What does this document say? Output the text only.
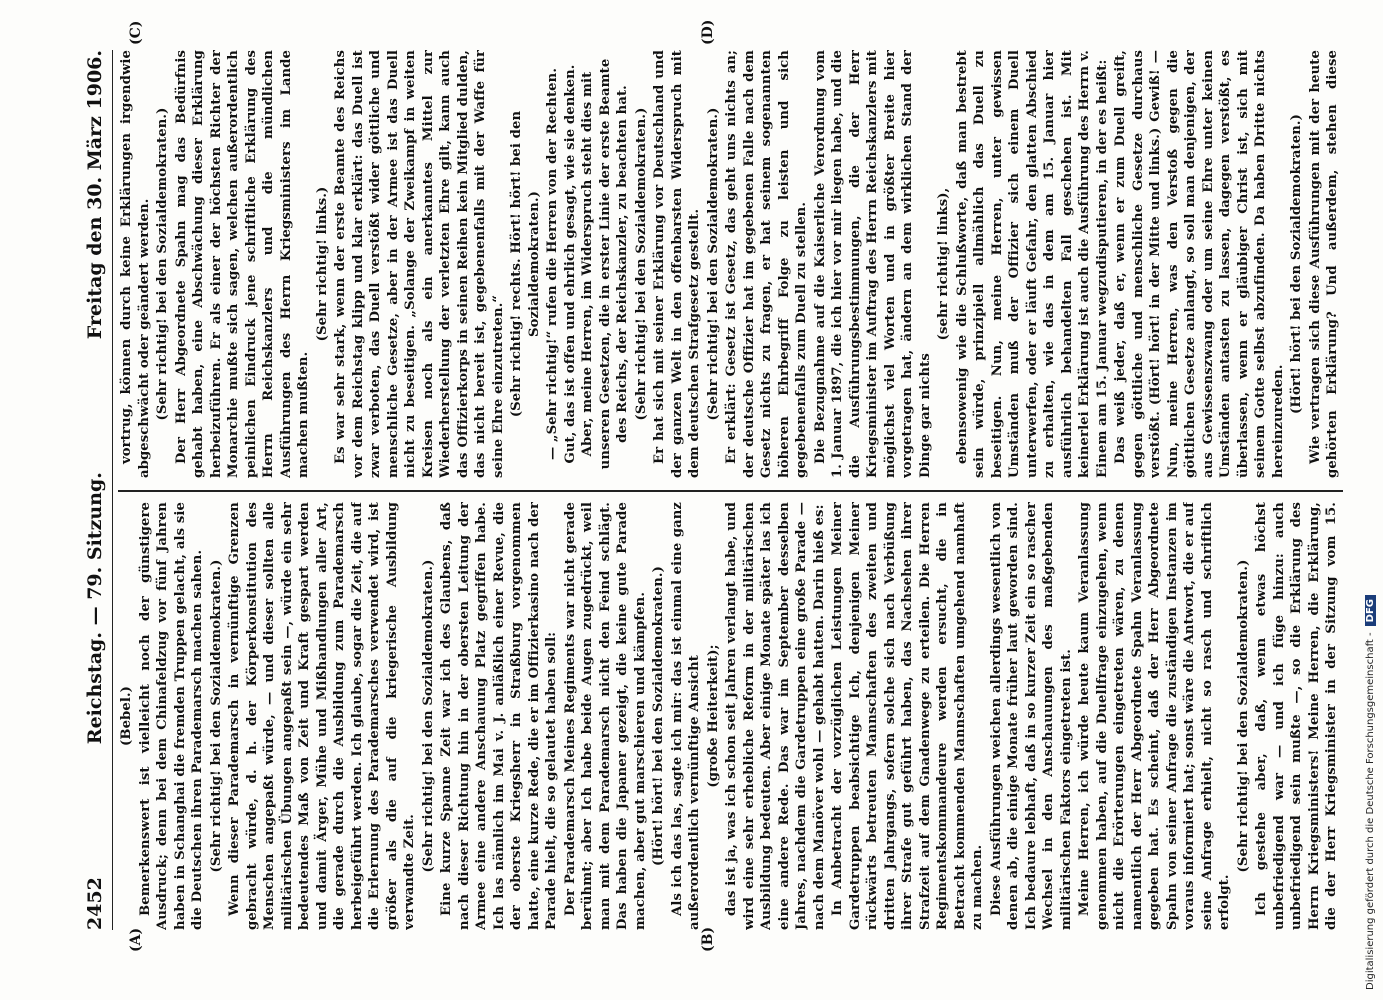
2452
Reichstag. — 79. Sitzung.
Freitag den 30. März 1906.
(A)	(B)
(C)	(D)

(Bebel.) Bemerkenswert ist vielleicht noch der günstigere Ausdruck; denn bei dem Chinafeldzug vor fünf Jahren haben in Schanghai die fremden Truppen gelacht, als sie die Deutschen ihren Parademarsch machen sahen. (Sehr richtig! bei den Sozialdemokraten.) Wenn dieser Parademarsch in vernünftige Grenzen gebracht würde, d. h. der Körperkonstitution des Menschen angepaßt würde, — und dieser sollten alle militärischen Übungen angepaßt sein —, würde ein sehr bedeutendes Maß von Zeit und Kraft gespart werden und damit Ärger, Mühe und Mißhandlungen aller Art, die gerade durch die Ausbildung zum Parademarsch herbeigeführt werden. Ich glaube, sogar die Zeit, die auf die Erlernung des Parademarsches verwendet wird, ist größer als die auf die kriegerische Ausbildung verwandte Zeit. (Sehr richtig! bei den Sozialdemokraten.) Eine kurze Spanne Zeit war ich des Glaubens, daß nach dieser Richtung hin in der obersten Leitung der Armee eine andere Anschauung Platz gegriffen habe. Ich las nämlich im Mai v. J. anläßlich einer Revue, die der oberste Kriegsherr in Straßburg vorgenommen hatte, eine kurze Rede, die er im Offizierkasino nach der Parade hielt, die so gelautet haben soll: Der Parademarsch Meines Regiments war nicht gerade berühmt; aber Ich habe beide Augen zugedrückt, weil man mit dem Parademarsch nicht den Feind schlägt. Das haben die Japaner gezeigt, die keine gute Parade machen, aber gut marschieren und kämpfen. (Hört! hört! bei den Sozialdemokraten.) Als ich das las, sagte ich mir: das ist einmal eine ganz außerordentlich vernünftige Ansicht (große Heiterkeit); das ist ja, was ich schon seit Jahren verlangt habe, und wird eine sehr erhebliche Reform in der militärischen Ausbildung bedeuten. Aber einige Monate später las ich eine andere Rede. Das war im September desselben Jahres, nachdem die Gardetruppen eine große Parade — nach dem Manöver wohl — gehabt hatten. Darin hieß es: In Anbetracht der vorzüglichen Leistungen Meiner Gardetruppen beabsichtige Ich, denjenigen Meiner rückwärts betreuten Mannschaften des zweiten und dritten Jahrgangs, sofern solche sich nach Verbüßung ihrer Strafe gut geführt haben, das Nachsehen ihrer Strafzeit auf dem Gnadenwege zu erteilen. Die Herren Regimentskommandeure werden ersucht, die in Betracht kommenden Mannschaften umgehend namhaft zu machen. Diese Ausführungen weichen allerdings wesentlich von denen ab, die einige Monate früher laut geworden sind. Ich bedaure lebhaft, daß in so kurzer Zeit ein so rascher Wechsel in den Anschauungen des maßgebenden militärischen Faktors eingetreten ist. Meine Herren, ich würde heute kaum Veranlassung genommen haben, auf die Duellfrage einzugehen, wenn nicht die Erörterungen eingetreten wären, zu denen namentlich der Herr Abgeordnete Spahn Veranlassung gegeben hat. Es scheint, daß der Herr Abgeordnete Spahn von seiner Anfrage die zuständigen Instanzen im voraus informiert hat; sonst wäre die Antwort, die er auf seine Anfrage erhielt, nicht so rasch und schriftlich erfolgt.

(Sehr richtig! bei den Sozialdemokraten.)

Ich gestehe aber, daß, wenn etwas höchst unbefriedigend war — und ich füge hinzu: auch unbefriedigend sein mußte —, so die Erklärung des Herrn Kriegsministers! Meine Herren, die Erklärung, die der Herr Kriegsminister in der Sitzung vom 15.

vortrug, können durch keine Erklärungen irgendwie abgeschwächt oder geändert werden. (Sehr richtig! bei den Sozialdemokraten.) Der Herr Abgeordnete Spahn mag das Bedürfnis gehabt haben, eine Abschwächung dieser Erklärung herbeizuführen. Er als einer der höchsten Richter der Monarchie mußte sich sagen, welchen außerordentlich peinlichen Eindruck jene schriftliche Erklärung des Herrn Reichskanzlers und die mündlichen Ausführungen des Herrn Kriegsministers im Lande machen mußten.

(Sehr richtig! links.) Es war sehr stark, wenn der erste Beamte des Reichs vor dem Reichstag klipp und klar erklärt: das Duell ist zwar verboten, das Duell verstößt wider göttliche und menschliche Gesetze, aber in der Armee ist das Duell nicht zu beseitigen. „Solange der Zweikampf in weiten Kreisen noch als ein anerkanntes Mittel zur Wiederherstellung der verletzten Ehre gilt, kann auch das Offizierkorps in seinen Reihen kein Mitglied dulden, das nicht bereit ist, gegebenenfalls mit der Waffe für seine Ehre einzutreten.“ (Sehr richtig! rechts. Hört! hört! bei den Sozialdemokraten.) — „Sehr richtig!“ rufen die Herren von der Rechten. Gut, das ist offen und ehrlich gesagt, wie sie denken. Aber, meine Herren, im Widerspruch steht dies mit unseren Gesetzen, die in erster Linie der erste Beamte des Reichs, der Reichskanzler, zu beachten hat. (Sehr richtig! bei den Sozialdemokraten.) Er hat sich mit seiner Erklärung vor Deutschland und der ganzen Welt in den offenbarsten Widerspruch mit dem deutschen Strafgesetz gestellt. (Sehr richtig! bei den Sozialdemokraten.) Er erklärt: Gesetz ist Gesetz, das geht uns nichts an; der deutsche Offizier hat im gegebenen Falle nach dem Gesetz nichts zu fragen, er hat seinem sogenannten höheren Ehrbegriff Folge zu leisten und sich gegebenenfalls zum Duell zu stellen. Die Bezugnahme auf die Kaiserliche Verordnung vom 1. Januar 1897, die ich hier vor mir liegen habe, und die die Ausführungsbestimmungen, die der Herr Kriegsminister im Auftrag des Herrn Reichskanzlers mit möglichst viel Worten und in größter Breite hier vorgetragen hat, ändern an dem wirklichen Stand der Dinge gar nichts

(sehr richtig! links), ebensowenig wie die Schlußworte, daß man bestrebt sein würde, prinzipiell allmählich das Duell zu beseitigen. Nun, meine Herren, unter gewissen Umständen muß der Offizier sich einem Duell unterwerfen, oder er läuft Gefahr, den glatten Abschied zu erhalten, wie das in dem am 15. Januar hier ausführlich behandelten Fall geschehen ist. Mit keinerlei Erklärung ist auch die Ausführung des Herrn v. Einem am 15. Januar wegzudisputieren, in der es heißt: Das weiß jeder, daß er, wenn er zum Duell greift, gegen göttliche und menschliche Gesetze durchaus verstößt. (Hört! hört! in der Mitte und links.) Gewiß! — Nun, meine Herren, was den Verstoß gegen die göttlichen Gesetze anlangt, so soll man denjenigen, der aus Gewissenszwang oder um seine Ehre unter keinen Umständen antasten zu lassen, dagegen verstößt, es überlassen, wenn er gläubiger Christ ist, sich mit seinem Gotte selbst abzufinden. Da haben Dritte nichts hereinzureden.

(Hört! hört! bei den Sozialdemokraten.)

Wie vertragen sich diese Ausführungen mit der heute gehörten Erklärung? Und außerdem, stehen diese

Digitalisierung gefördert durch die Deutsche Forschungsgemeinschaft -
DFG
